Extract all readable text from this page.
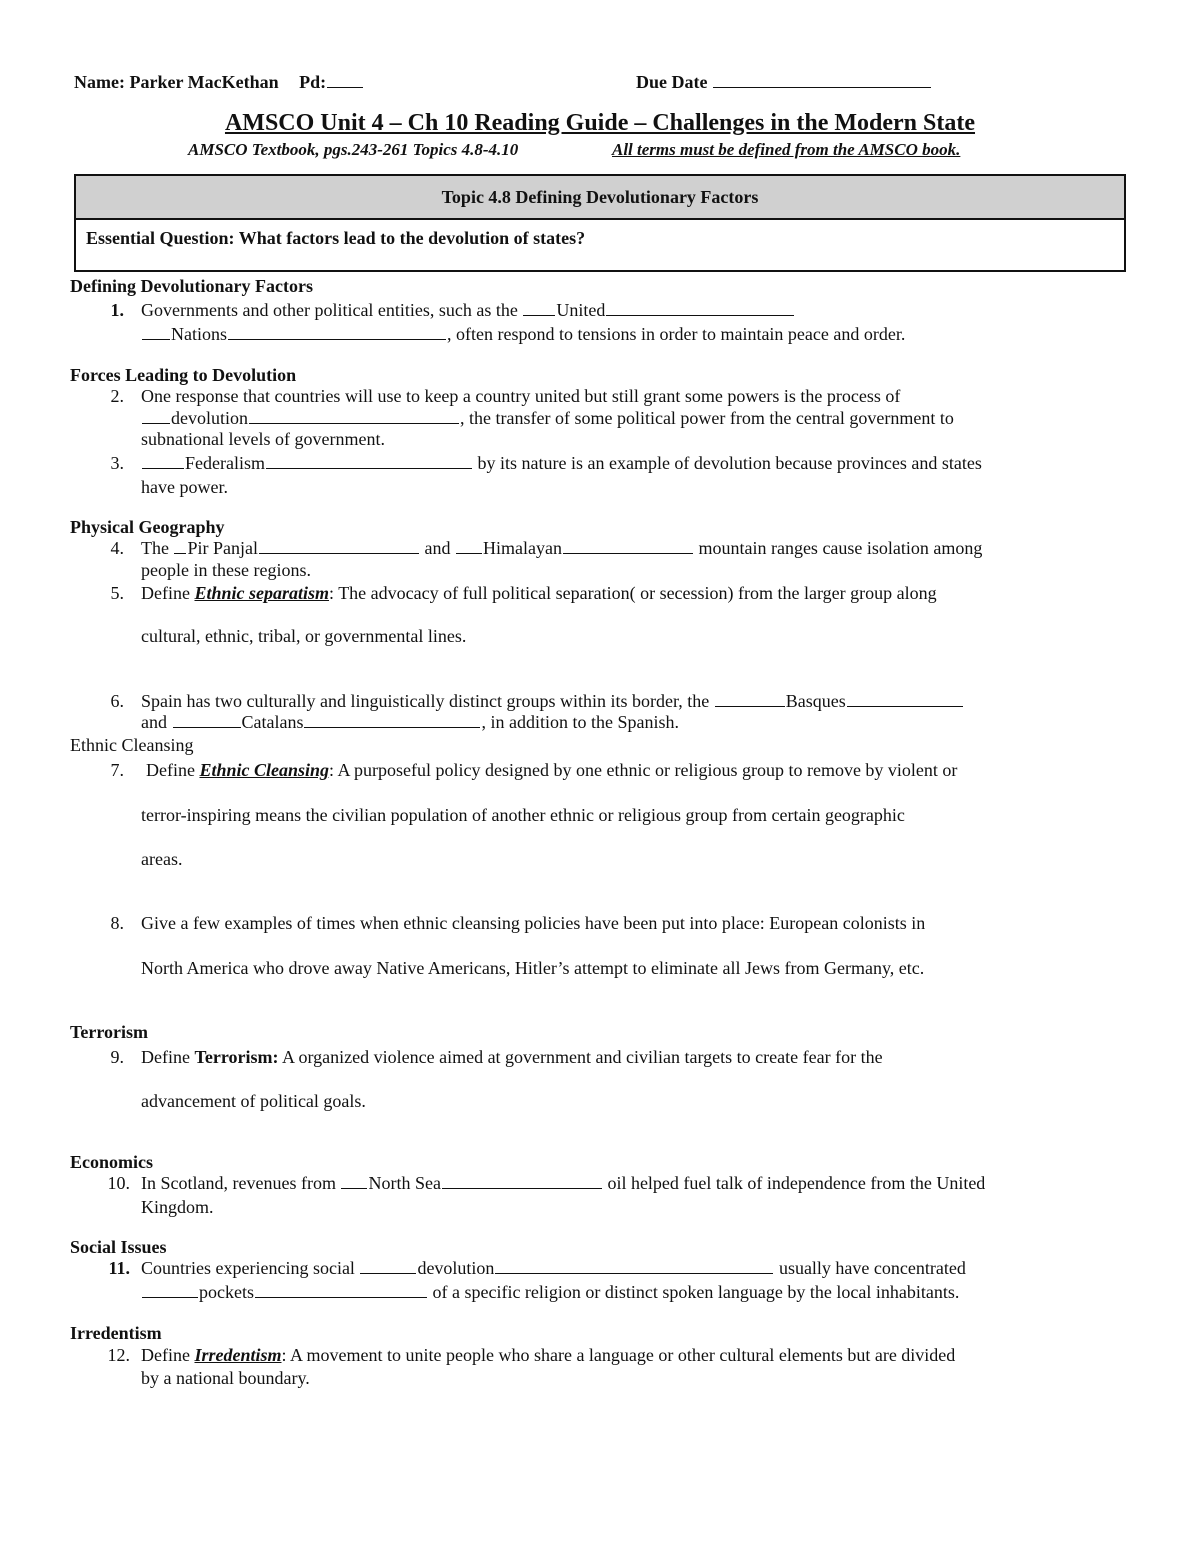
Name: Parker MacKethan Pd:	Due Date
AMSCO Unit 4 – Ch 10 Reading Guide – Challenges in the Modern State
AMSCO Textbook, pgs.243-261 Topics 4.8-4.10	All terms must be defined from the AMSCO book.
Topic 4.8 Defining Devolutionary Factors
Essential Question: What factors lead to the devolution of states?
Defining Devolutionary Factors
1. Governments and other political entities, such as the United
Nations	, often respond to tensions in order to maintain peace and order.
Forces Leading to Devolution
2. One response that countries will use to keep a country united but still grant some powers is the process of
devolution	, the transfer of some political power from the central government to
subnational levels of government.
3.	Federalism	by its nature is an example of devolution because provinces and states
have power.
Physical Geography
4. The Pir Panjal	and Himalayan	mountain ranges cause isolation among
people in these regions.
5. Define Ethnic separatism: The advocacy of full political separation( or secession) from the larger group along
cultural, ethnic, tribal, or governmental lines.
6. Spain has two culturally and linguistically distinct groups within its border, the	Basques
and	Catalans	, in addition to the Spanish.
Ethnic Cleansing
7. Define Ethnic Cleansing: A purposeful policy designed by one ethnic or religious group to remove by violent or
terror-inspiring means the civilian population of another ethnic or religious group from certain geographic
areas.
8. Give a few examples of times when ethnic cleansing policies have been put into place: European colonists in
North America who drove away Native Americans, Hitler’s attempt to eliminate all Jews from Germany, etc.
Terrorism
9. Define Terrorism: A organized violence aimed at government and civilian targets to create fear for the
advancement of political goals.
Economics
10. In Scotland, revenues from North Sea	oil helped fuel talk of independence from the United
Kingdom.
Social Issues
11. Countries experiencing social	devolution	usually have concentrated
pockets	of a specific religion or distinct spoken language by the local inhabitants.
Irredentism
12. Define Irredentism: A movement to unite people who share a language or other cultural elements but are divided
by a national boundary.
